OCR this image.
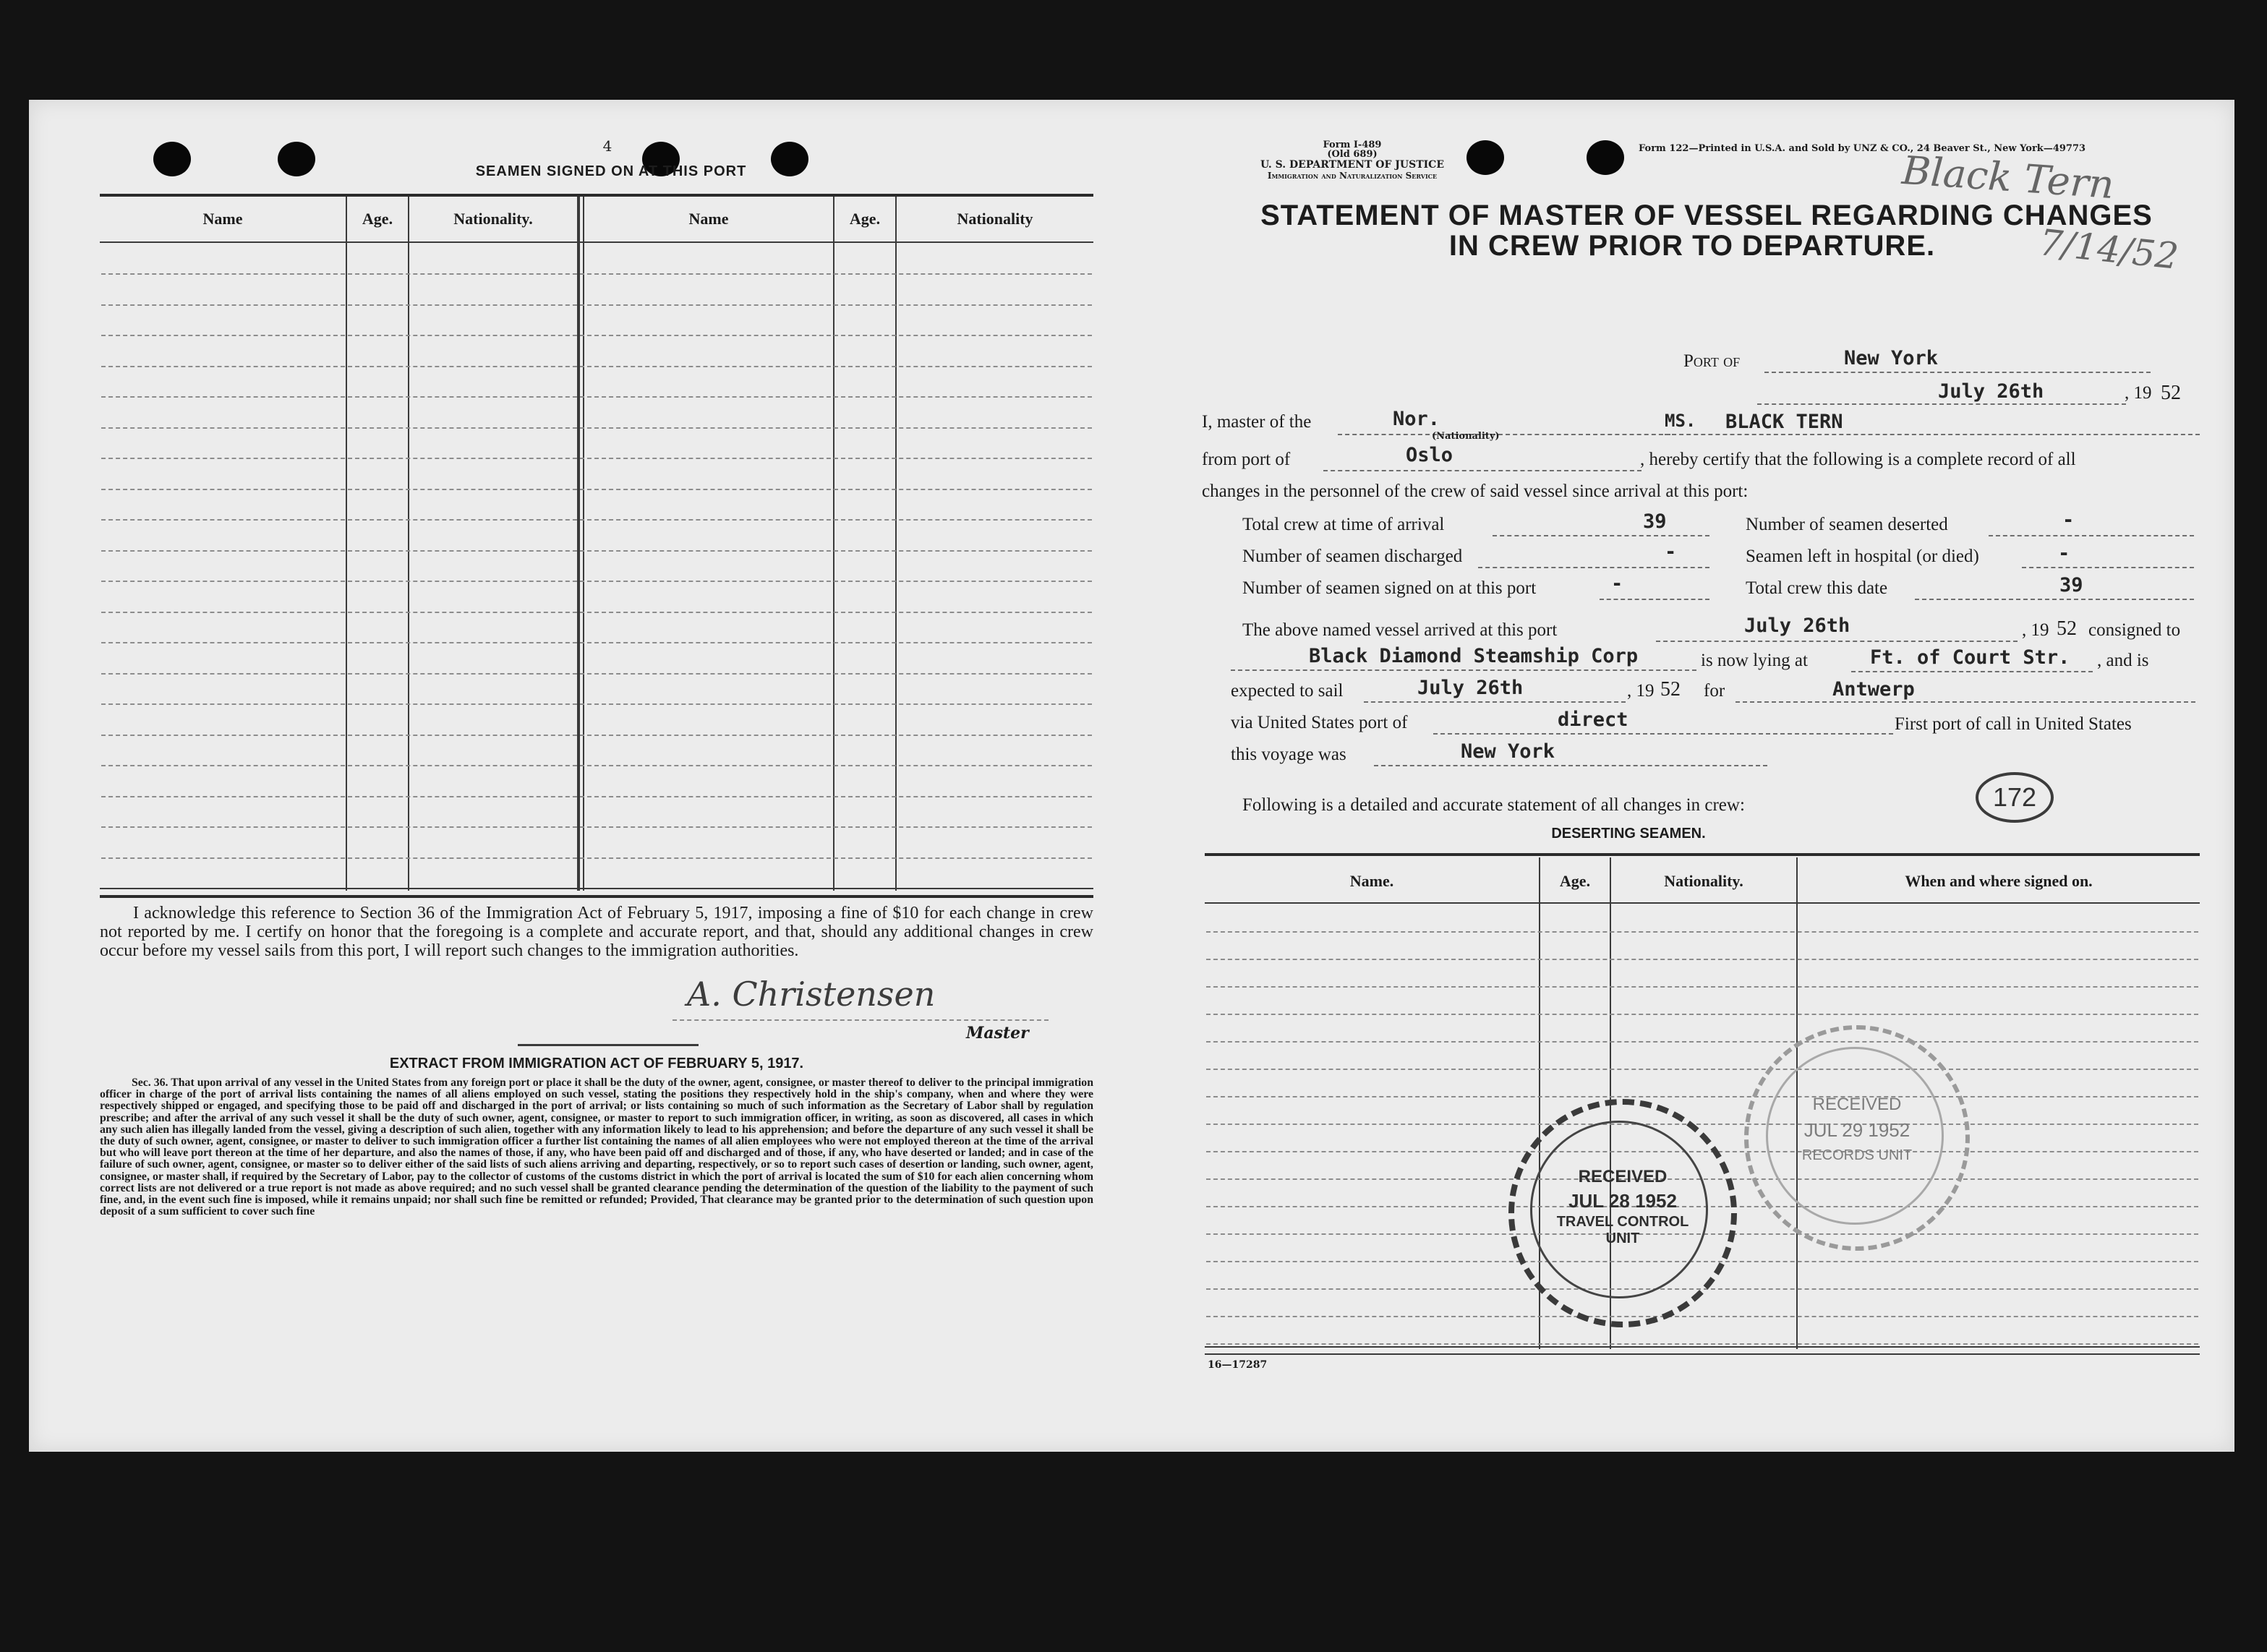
4
SEAMEN SIGNED ON AT THIS PORT
Name	Age.	Nationality.	Name	Age.	Nationality
I acknowledge this reference to Section 36 of the Immigration Act of February 5, 1917, imposing a fine of $10 for each change in crew not reported by me. I certify on honor that the foregoing is a complete and accurate report, and that, should any additional changes in crew occur before my vessel sails from this port, I will report such changes to the immigration authorities.
A. Christensen
Master
EXTRACT FROM IMMIGRATION ACT OF FEBRUARY 5, 1917.
Sec. 36. That upon arrival of any vessel in the United States from any foreign port or place it shall be the duty of the owner, agent, consignee, or master thereof to deliver to the principal immigration officer in charge of the port of arrival lists containing the names of all aliens employed on such vessel, stating the positions they respectively hold in the ship's company, when and where they were respectively shipped or engaged, and specifying those to be paid off and discharged in the port of arrival; or lists containing so much of such information as the Secretary of Labor shall by regulation prescribe; and after the arrival of any such vessel it shall be the duty of such owner, agent, consignee, or master to report to such immigration officer, in writing, as soon as discovered, all cases in which any such alien has illegally landed from the vessel, giving a description of such alien, together with any information likely to lead to his apprehension; and before the departure of any such vessel it shall be the duty of such owner, agent, consignee, or master to deliver to such immigration officer a further list containing the names of all alien employees who were not employed thereon at the time of the arrival but who will leave port thereon at the time of her departure, and also the names of those, if any, who have been paid off and discharged and of those, if any, who have deserted or landed; and in case of the failure of such owner, agent, consignee, or master so to deliver either of the said lists of such aliens arriving and departing, respectively, or so to report such cases of desertion or landing, such owner, agent, consignee, or master shall, if required by the Secretary of Labor, pay to the collector of customs of the customs district in which the port of arrival is located the sum of $10 for each alien concerning whom correct lists are not delivered or a true report is not made as above required; and no such vessel shall be granted clearance pending the determination of the question of the liability to the payment of such fine, and, in the event such fine is imposed, while it remains unpaid; nor shall such fine be remitted or refunded; Provided, That clearance may be granted prior to the determination of such question upon deposit of a sum sufficient to cover such fine
Form I-489
(Old 689)
U. S. DEPARTMENT OF JUSTICE
Immigration and Naturalization Service
Form 122—Printed in U.S.A. and Sold by UNZ & CO., 24 Beaver St., New York—49773
Black Tern
7/14/52
STATEMENT OF MASTER OF VESSEL REGARDING CHANGES
IN CREW PRIOR TO DEPARTURE.
Port of	New York
July 26th	, 19 52
I, master of the	Nor.
(Nationality)
MS. BLACK TERN
from port of	Oslo	, hereby certify that the following is a complete record of all
changes in the personnel of the crew of said vessel since arrival at this port:
Total crew at time of arrival	39
Number of seamen discharged	-
Number of seamen signed on at this port	-
Number of seamen deserted	-
Seamen left in hospital (or died)	-
Total crew this date	39
The above named vessel arrived at this port	July 26th	, 19 52 consigned to
Black Diamond Steamship Corp	is now lying at	Ft. of Court Str. , and is
expected to sail	July 26th	, 19 52 for	Antwerp
via United States port of	direct	First port of call in United States
this voyage was	New York
Following is a detailed and accurate statement of all changes in crew:	172
DESERTING SEAMEN.
Name.	Age.	Nationality.	When and where signed on.
16—17287
RECEIVED
JUL 28 1952
TRAVEL CONTROL
UNIT
RECEIVED
JUL 29 1952
RECORDS UNIT
